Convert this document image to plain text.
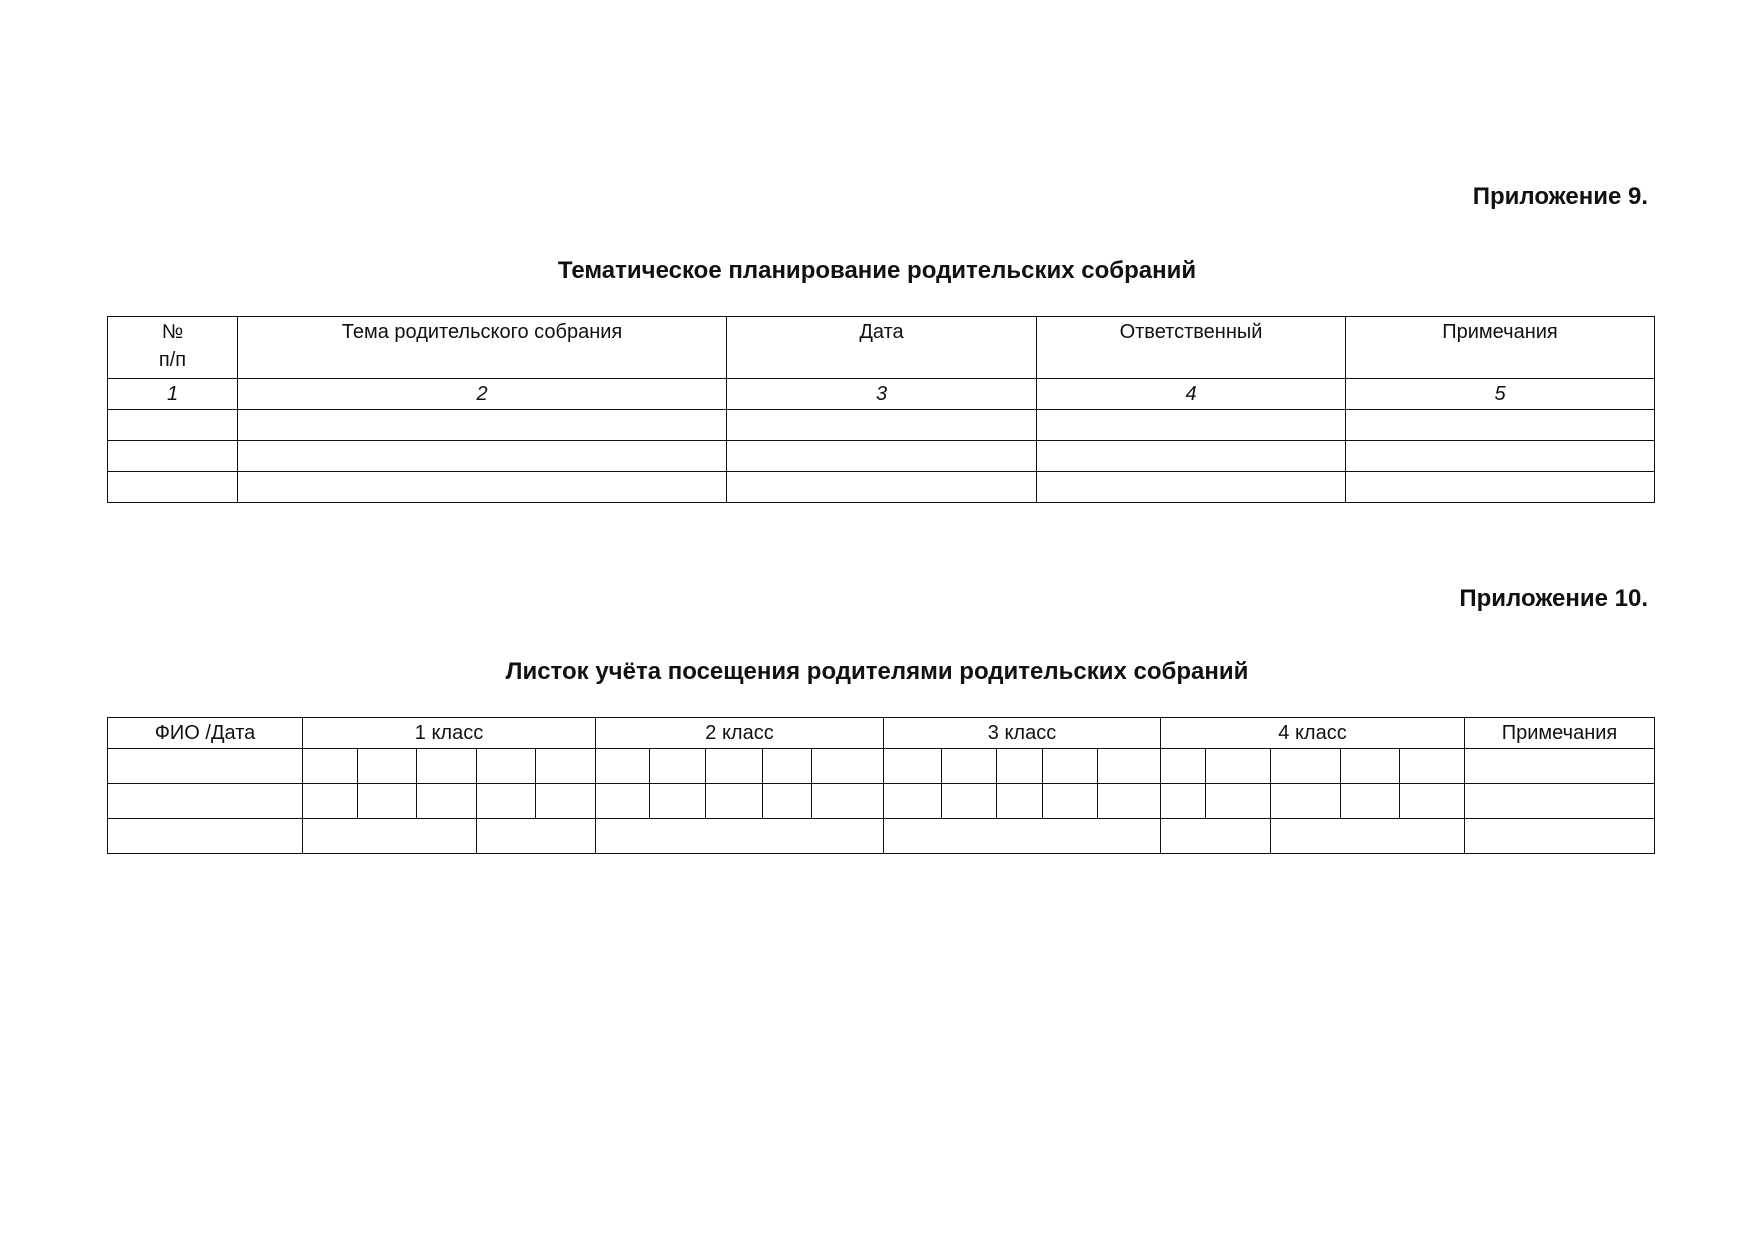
Приложение 9.
Тематическое планирование родительских собраний
№
п/п	Тема родительского собрания	Дата	Ответственный	Примечания
1	2	3	4	5

Приложение 10.
Листок учёта посещения родителями родительских собраний
ФИО /Дата	1 класс					2 класс					3 класс					4 класс					Примечания
